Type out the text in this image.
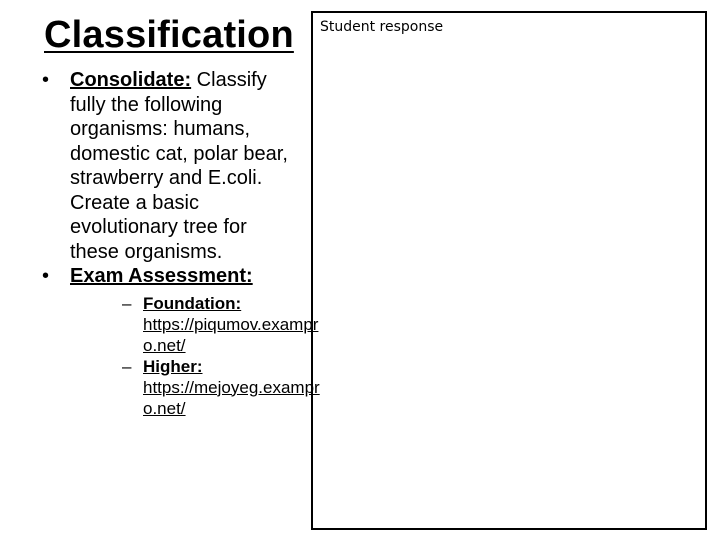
Classification
• Consolidate: Classify fully the following organisms: humans, domestic cat, polar bear, strawberry and E.coli. Create a basic evolutionary tree for these organisms.
• Exam Assessment:
– Foundation:
https://piqumov.exampro.net/
– Higher:
https://mejoyeg.exampro.net/
Student response
